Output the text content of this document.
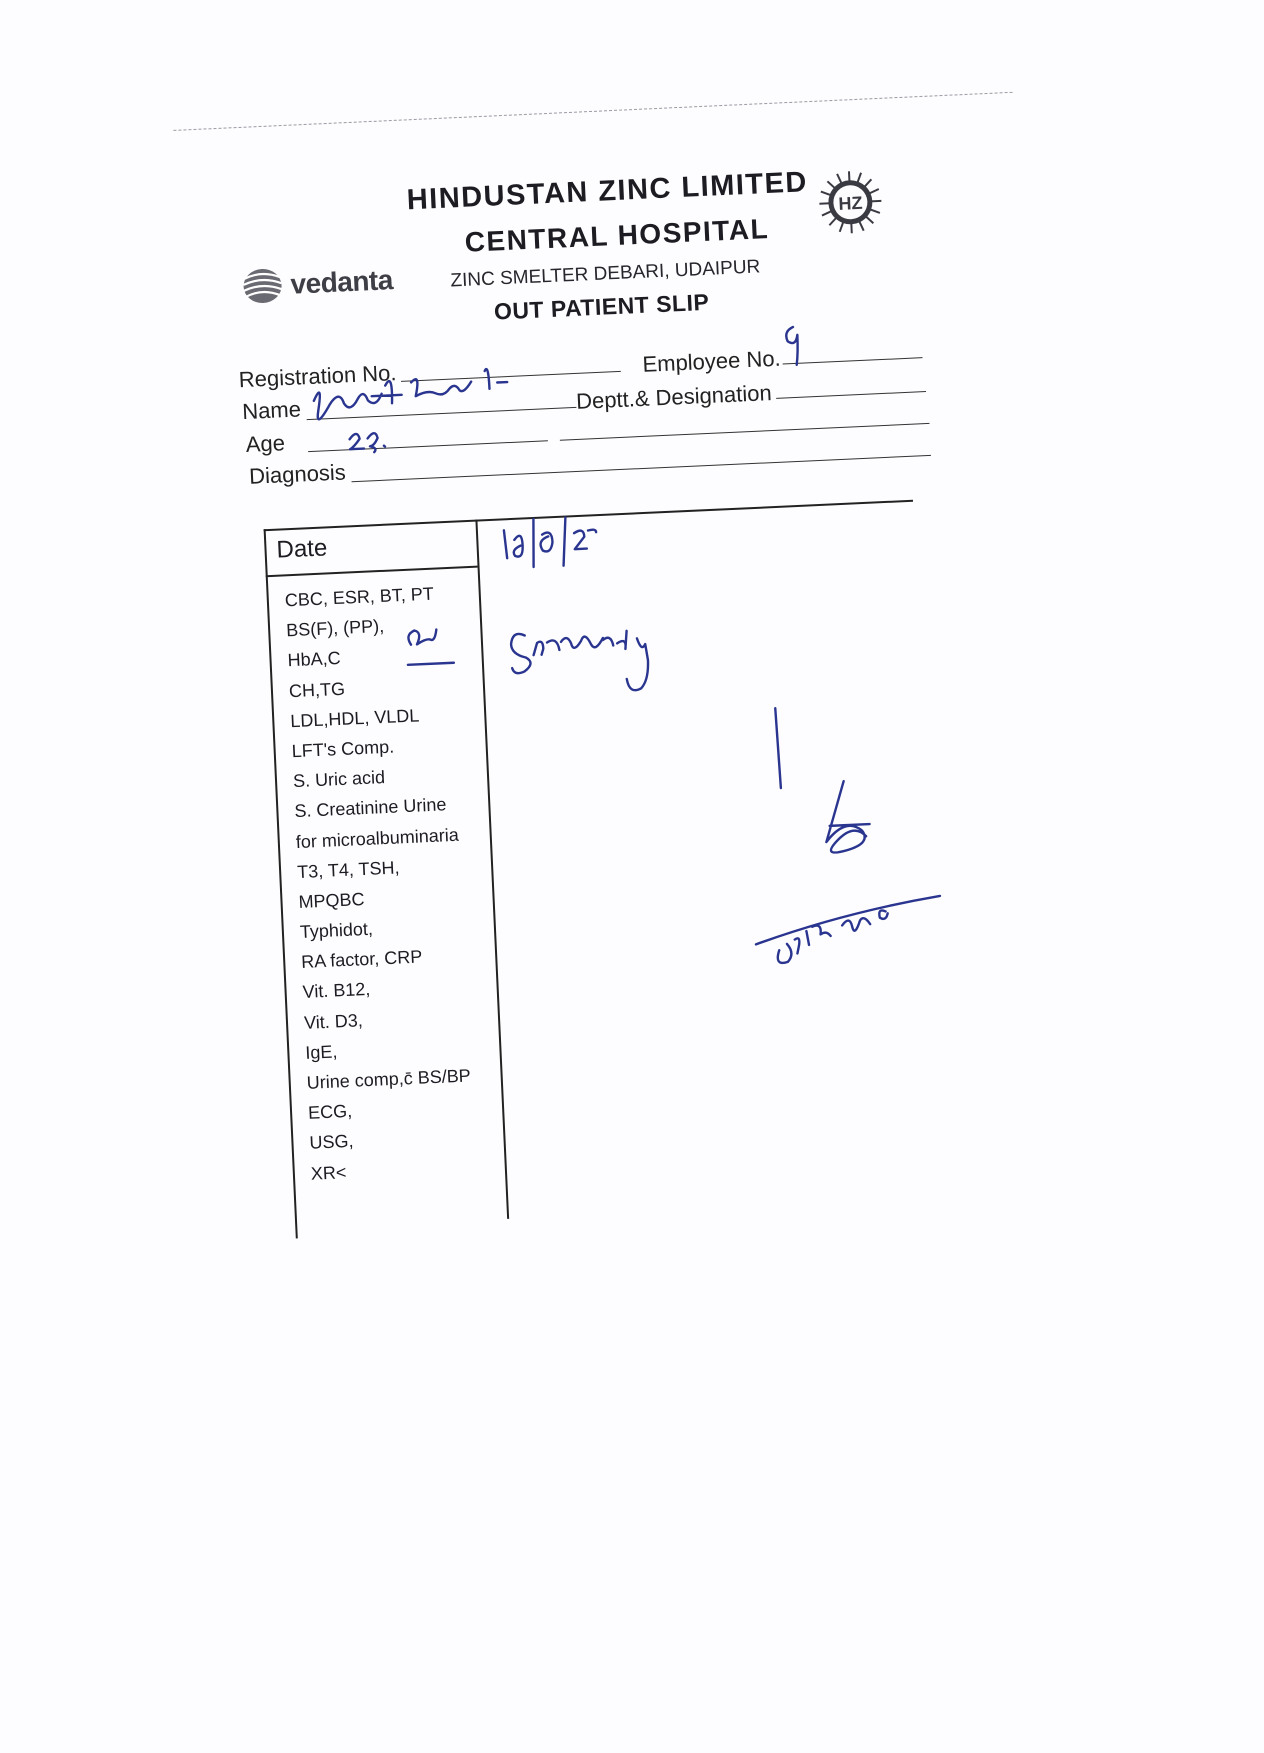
vedanta
HINDUSTAN ZINC LIMITED
CENTRAL HOSPITAL
ZINC SMELTER DEBARI, UDAIPUR
OUT PATIENT SLIP
HZ
Registration No.	Employee No.
Name	Deptt.& Designation
Age
Diagnosis
Date
CBC, ESR, BT, PT
BS(F), (PP),
HbA,C
CH,TG
LDL,HDL, VLDL
LFT's Comp.
S. Uric acid
S. Creatinine Urine
for microalbuminaria
T3, T4, TSH,
MPQBC
Typhidot,
RA factor, CRP
Vit. B12,
Vit. D3,
IgE,
Urine comp,c̄ BS/BP
ECG,
USG,
XR<
